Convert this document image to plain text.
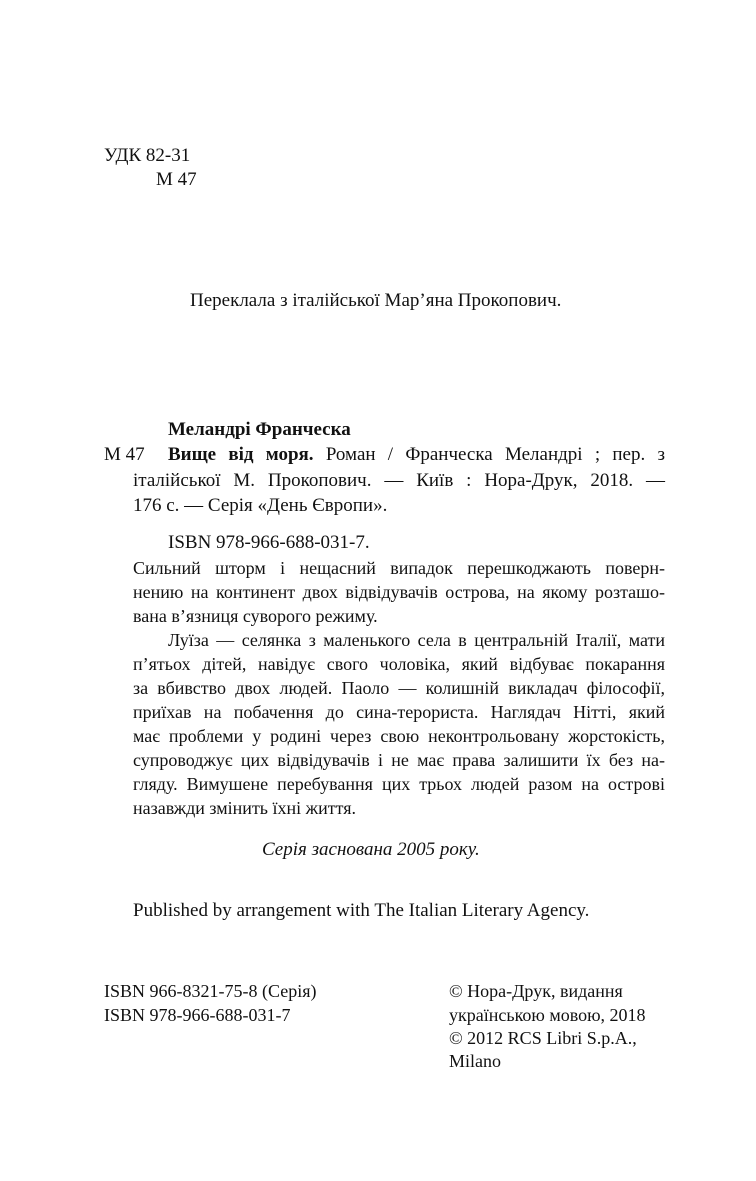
УДК 82-31
М 47
Переклала з італійської Мар’яна Прокопович.
Меландрі Франческа
М 47 Вище від моря. Роман / Франческа Меландрі ; пер. з
італійської М. Прокопович. — Київ : Нора-Друк, 2018. —
176 с. — Серія «День Європи».
ISBN 978-966-688-031-7.
Сильний шторм і нещасний випадок перешкоджають поверн-
нению на континент двох відвідувачів острова, на якому розташо-
вана в’язниця суворого режиму.
Луїза — селянка з маленького села в центральній Італії, мати
п’ятьох дітей, навідує свого чоловіка, який відбуває покарання
за вбивство двох людей. Паоло — колишній викладач філософії,
приїхав на побачення до сина-терориста. Наглядач Нітті, який
має проблеми у родині через свою неконтрольовану жорстокість,
супроводжує цих відвідувачів і не має права залишити їх без на-
гляду. Вимушене перебування цих трьох людей разом на острові
назавжди змінить їхні життя.
Серія заснована 2005 року.
Published by arrangement with The Italian Literary Agency.
ISBN 966-8321-75-8 (Серія)
ISBN 978-966-688-031-7
© Нора-Друк, видання
українською мовою, 2018
© 2012 RCS Libri S.p.A.,
Milano
